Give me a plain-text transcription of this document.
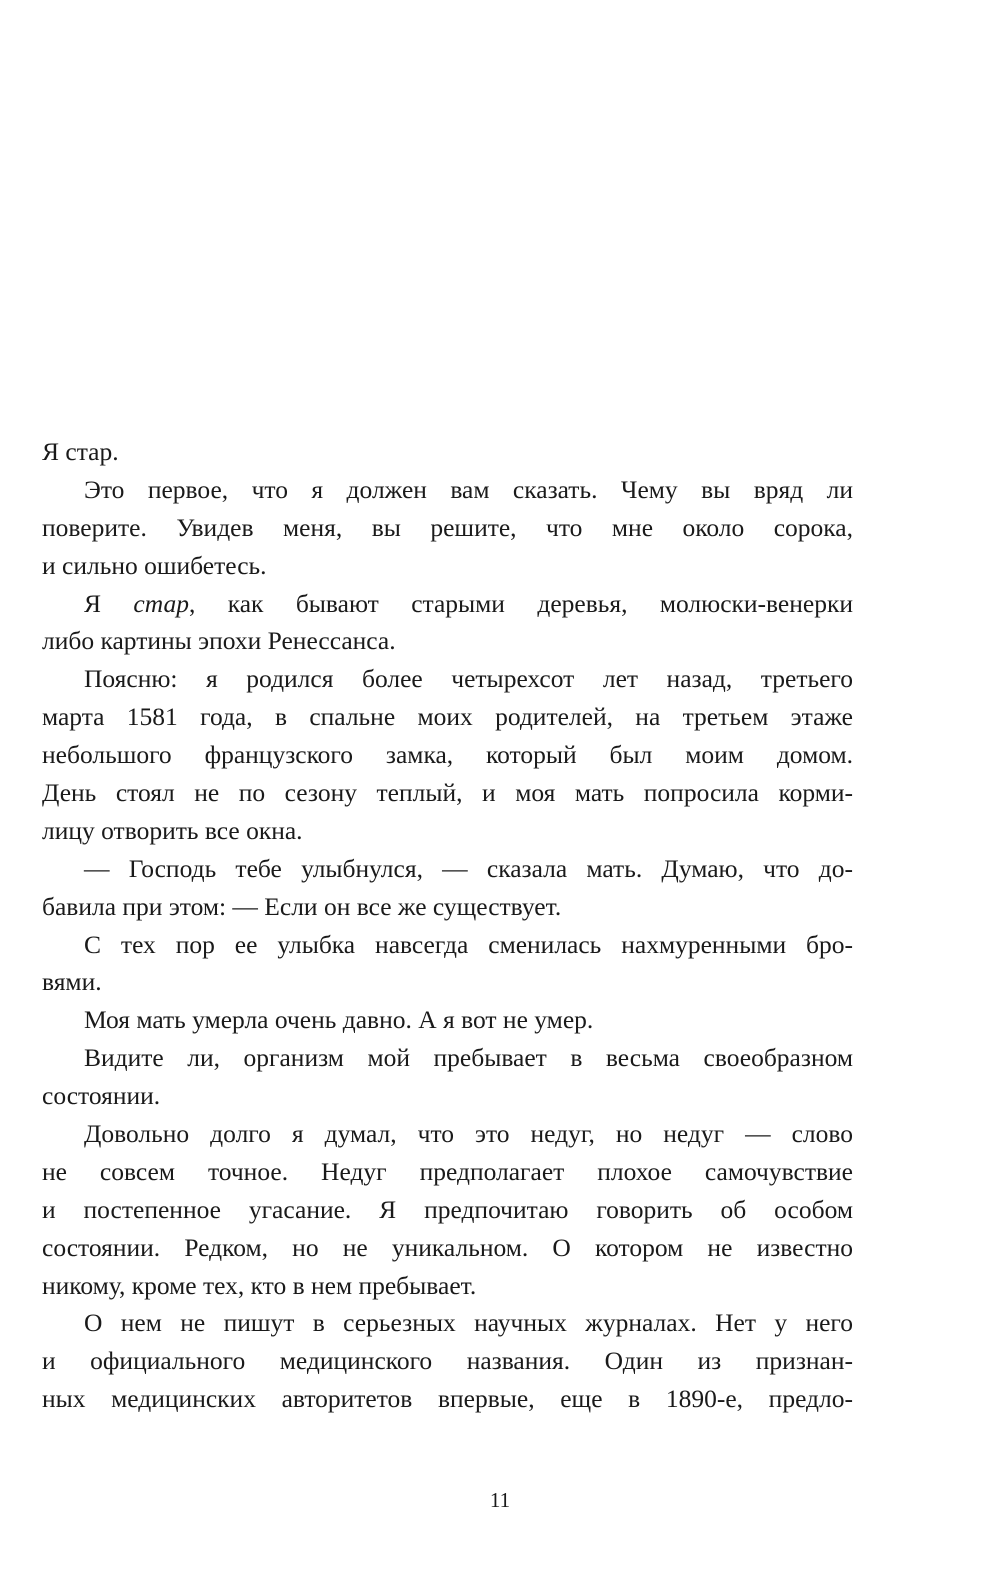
Я стар.
Это первое, что я должен вам сказать. Чему вы вряд ли
поверите. Увидев меня, вы решите, что мне около сорока,
и сильно ошибетесь.
Я стар, как бывают старыми деревья, молюски-венерки
либо картины эпохи Ренессанса.
Поясню: я родился более четырехсот лет назад, третьего
марта 1581 года, в спальне моих родителей, на третьем этаже
небольшого французского замка, который был моим домом.
День стоял не по сезону теплый, и моя мать попросила корми-
лицу отворить все окна.
— Господь тебе улыбнулся, — сказала мать. Думаю, что до-
бавила при этом: — Если он все же существует.
С тех пор ее улыбка навсегда сменилась нахмуренными бро-
вями.
Моя мать умерла очень давно. А я вот не умер.
Видите ли, организм мой пребывает в весьма своеобразном
состоянии.
Довольно долго я думал, что это недуг, но недуг — слово
не совсем точное. Недуг предполагает плохое самочувствие
и постепенное угасание. Я предпочитаю говорить об особом
состоянии. Редком, но не уникальном. О котором не известно
никому, кроме тех, кто в нем пребывает.
О нем не пишут в серьезных научных журналах. Нет у него
и официального медицинского названия. Один из признан-
ных медицинских авторитетов впервые, еще в 1890-е, предло-
11
